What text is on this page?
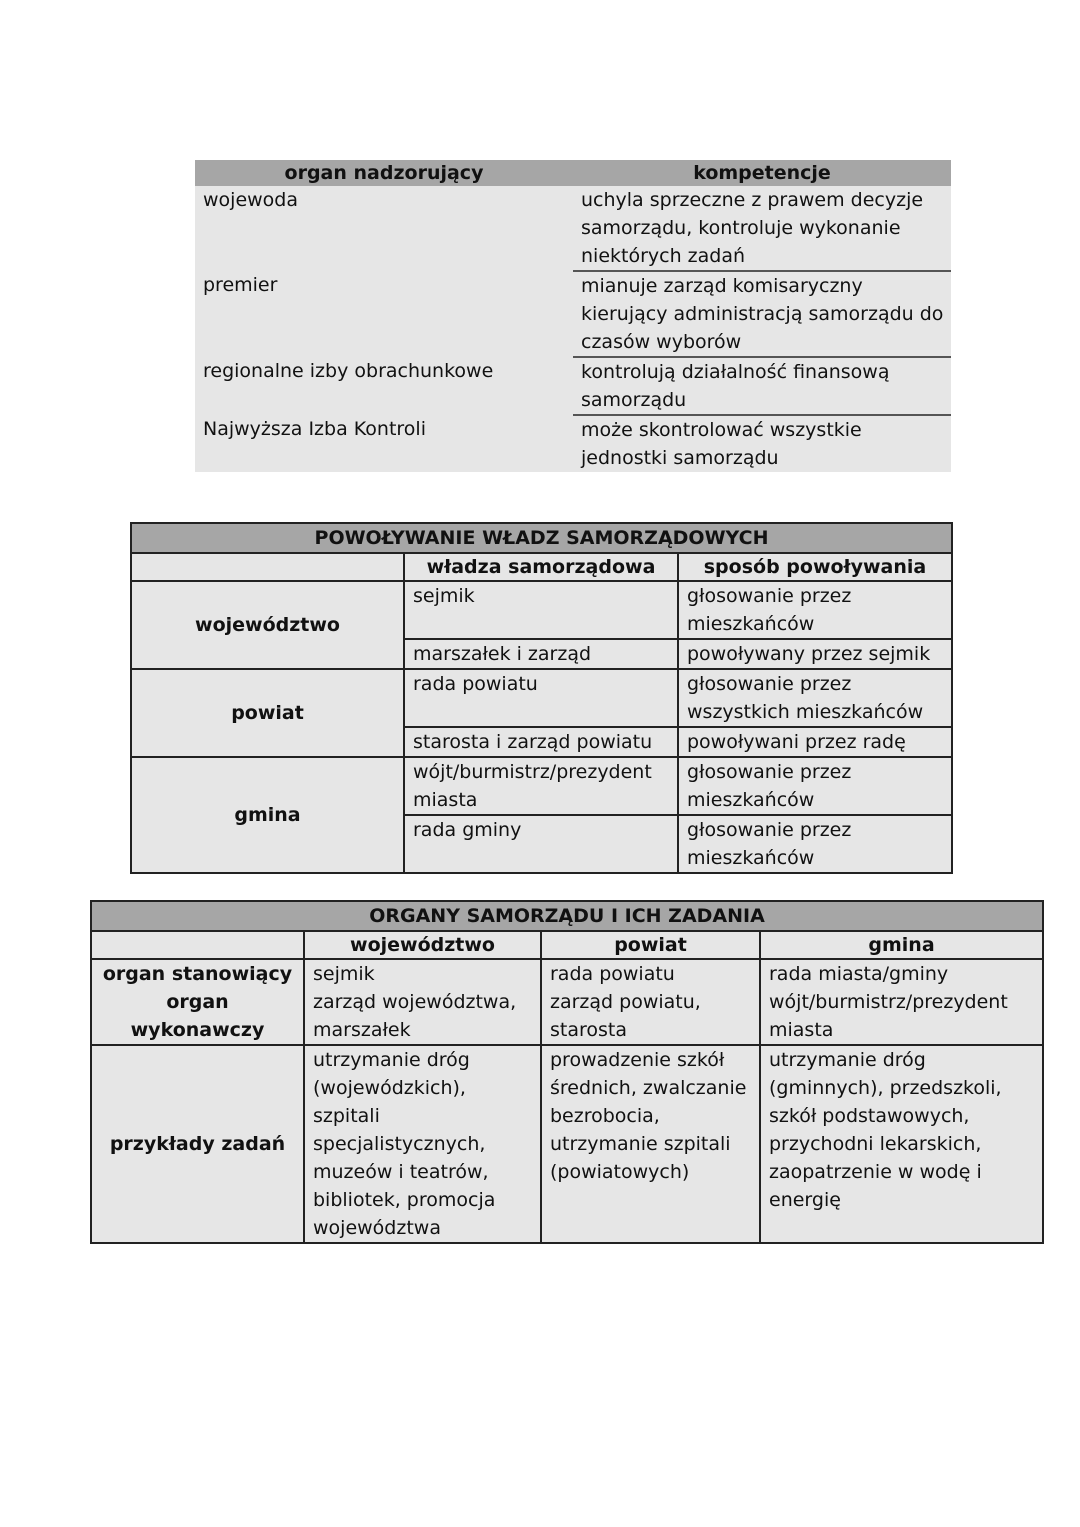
organ nadzorujący	kompetencje
wojewoda	uchyla sprzeczne z prawem decyzje samorządu, kontroluje wykonanie niektórych zadań
premier	mianuje zarząd komisaryczny kierujący administracją samorządu do czasów wyborów
regionalne izby obrachunkowe	kontrolują działalność finansową samorządu
Najwyższa Izba Kontroli	może skontrolować wszystkie jednostki samorządu
POWOŁYWANIE WŁADZ SAMORZĄDOWYCH		
	władza samorządowa	sposób powoływania
województwo	sejmik	głosowanie przez mieszkańców
	marszałek i zarząd	powoływany przez sejmik
powiat	rada powiatu	głosowanie przez wszystkich mieszkańców
	starosta i zarząd powiatu	powoływani przez radę
gmina	wójt/burmistrz/prezydent miasta	głosowanie przez mieszkańców
	rada gminy	głosowanie przez mieszkańców
ORGANY SAMORZĄDU I ICH ZADANIA			
	województwo	powiat	gmina
organ stanowiący	sejmik	rada powiatu	rada miasta/gminy
organ wykonawczy	zarząd województwa, marszałek	zarząd powiatu, starosta	wójt/burmistrz/prezydent miasta
przykłady zadań	utrzymanie dróg (wojewódzkich), szpitali specjalistycznych, muzeów i teatrów, bibliotek, promocja województwa	prowadzenie szkół średnich, zwalczanie bezrobocia, utrzymanie szpitali (powiatowych)	utrzymanie dróg (gminnych), przedszkoli, szkół podstawowych, przychodni lekarskich, zaopatrzenie w wodę i energię
